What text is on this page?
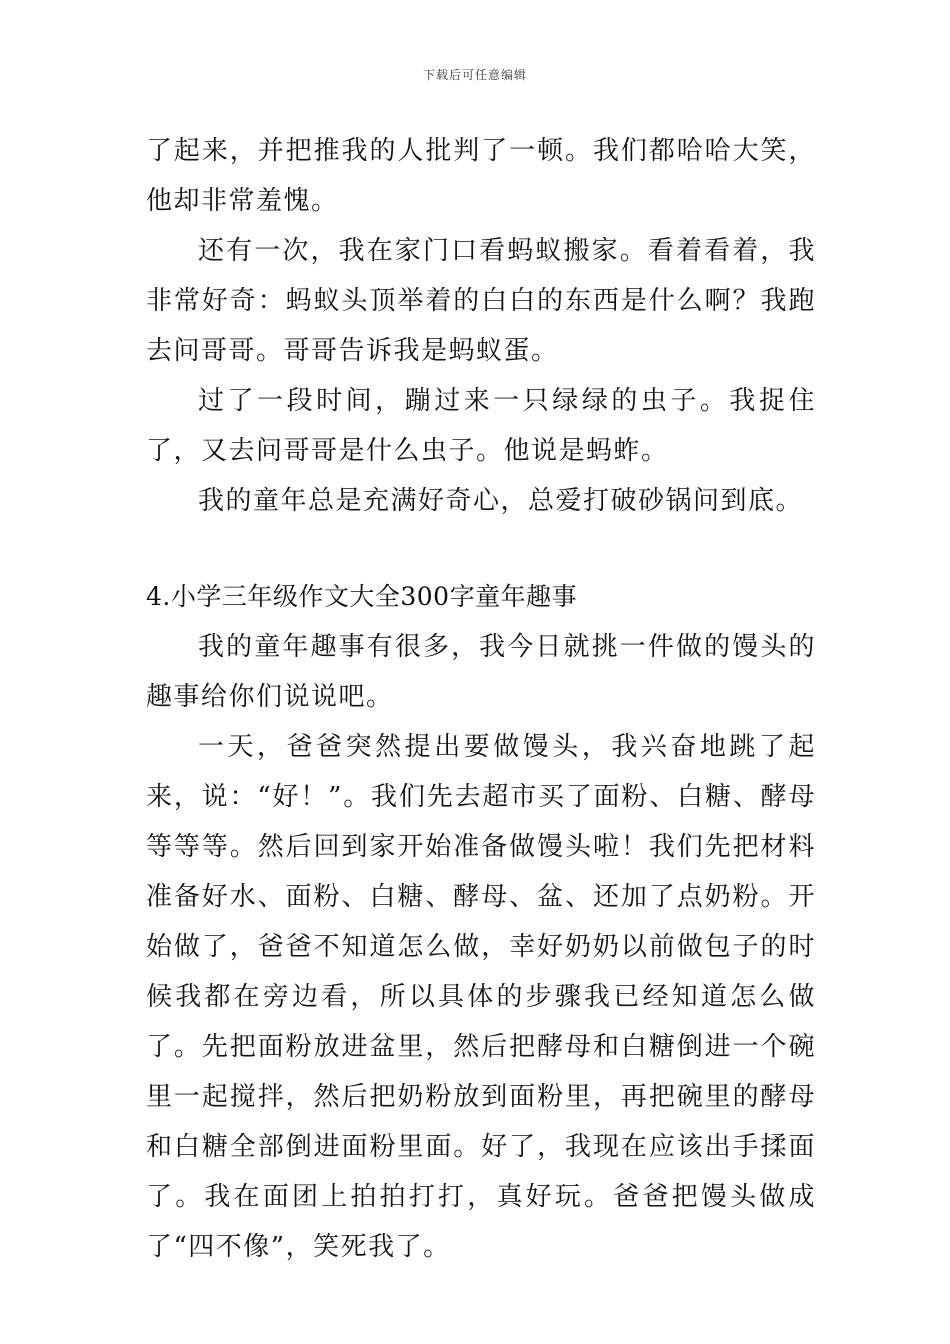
下载后可任意编辑

了起来，并把推我的人批判了一顿。我们都哈哈大笑，他却非常羞愧。

还有一次，我在家门口看蚂蚁搬家。看着看着，我非常好奇：蚂蚁头顶举着的白白的东西是什么啊？我跑去问哥哥。哥哥告诉我是蚂蚁蛋。

过了一段时间，蹦过来一只绿绿的虫子。我捉住了，又去问哥哥是什么虫子。他说是蚂蚱。

我的童年总是充满好奇心，总爱打破砂锅问到底。

4.小学三年级作文大全300字童年趣事

我的童年趣事有很多，我今日就挑一件做的馒头的趣事给你们说说吧。

一天，爸爸突然提出要做馒头，我兴奋地跳了起来，说：“好！”。我们先去超市买了面粉、白糖、酵母等等等。然后回到家开始准备做馒头啦！我们先把材料准备好水、面粉、白糖、酵母、盆、还加了点奶粉。开始做了，爸爸不知道怎么做，幸好奶奶以前做包子的时候我都在旁边看，所以具体的步骤我已经知道怎么做了。先把面粉放进盆里，然后把酵母和白糖倒进一个碗里一起搅拌，然后把奶粉放到面粉里，再把碗里的酵母和白糖全部倒进面粉里面。好了，我现在应该出手揉面了。我在面团上拍拍打打，真好玩。爸爸把馒头做成了“四不像”，笑死我了。
